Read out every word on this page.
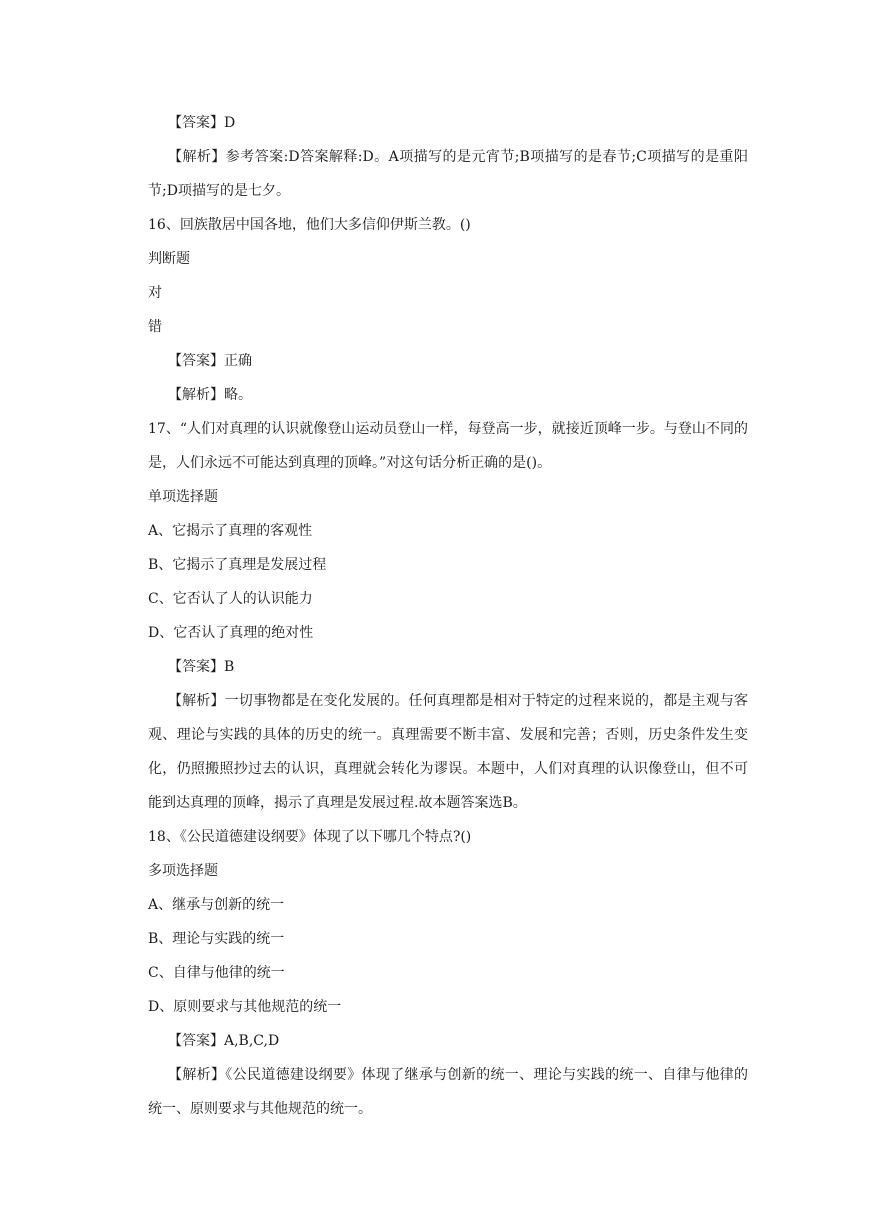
【答案】D

【解析】参考答案:D答案解释:D。A项描写的是元宵节;B项描写的是春节;C项描写的是重阳节;D项描写的是七夕。

16、回族散居中国各地，他们大多信仰伊斯兰教。()

判断题

对

错

【答案】正确

【解析】略。

17、“人们对真理的认识就像登山运动员登山一样，每登高一步，就接近顶峰一步。与登山不同的是，人们永远不可能达到真理的顶峰。”对这句话分析正确的是()。

单项选择题

A、它揭示了真理的客观性

B、它揭示了真理是发展过程

C、它否认了人的认识能力

D、它否认了真理的绝对性

【答案】B

【解析】一切事物都是在变化发展的。任何真理都是相对于特定的过程来说的，都是主观与客观、理论与实践的具体的历史的统一。真理需要不断丰富、发展和完善；否则，历史条件发生变化，仍照搬照抄过去的认识，真理就会转化为谬误。本题中，人们对真理的认识像登山，但不可能到达真理的顶峰，揭示了真理是发展过程.故本题答案选B。

18、《公民道德建设纲要》体现了以下哪几个特点?()

多项选择题

A、继承与创新的统一

B、理论与实践的统一

C、自律与他律的统一

D、原则要求与其他规范的统一

【答案】A,B,C,D

【解析】《公民道德建设纲要》体现了继承与创新的统一、理论与实践的统一、自律与他律的统一、原则要求与其他规范的统一。
